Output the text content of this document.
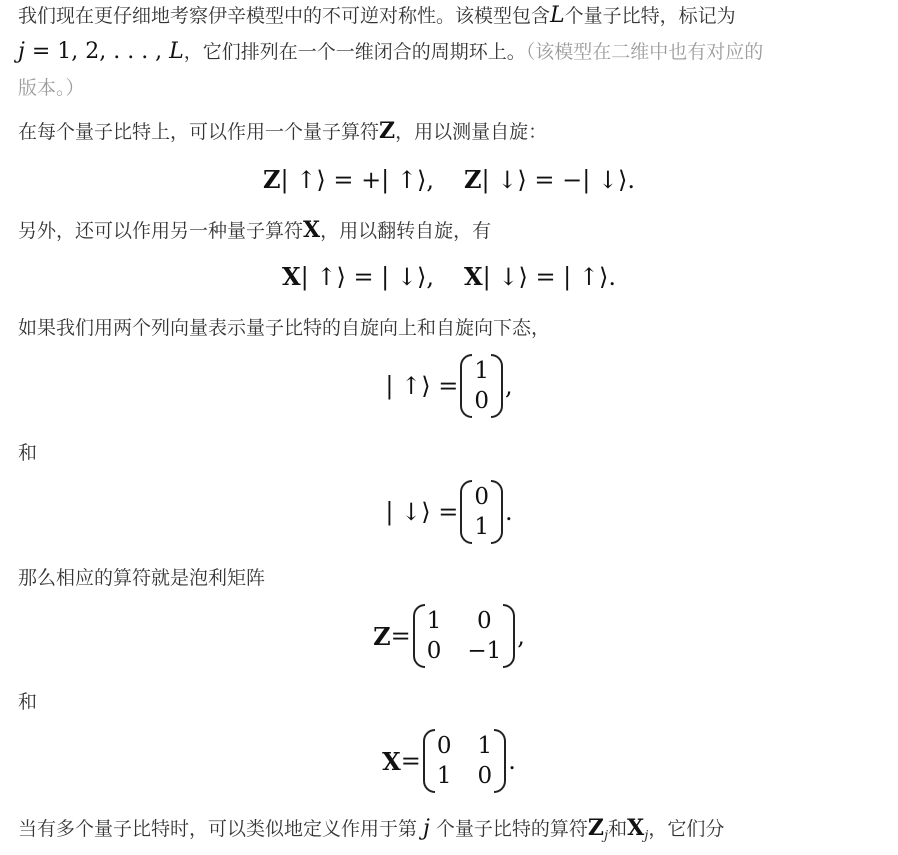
我们现在更仔细地考察伊辛模型中的不可逆对称性。该模型包含L个量子比特，标记为
j = 1, 2, . . . , L，它们排列在一个一维闭合的周期环上。（该模型在二维中也有对应的
版本。）
在每个量子比特上，可以作用一个量子算符Z，用以测量自旋：
Z| ↑⟩ = +| ↑⟩, Z| ↓⟩ = −| ↓⟩.
另外，还可以作用另一种量子算符X，用以翻转自旋，有
X| ↑⟩ = | ↓⟩, X| ↓⟩ = | ↑⟩.
如果我们用两个列向量表示量子比特的自旋向上和自旋向下态，
| ↑⟩ =
1
0
,
和
| ↓⟩ =
0
1
.
那么相应的算符就是泡利矩阵
Z =
1	0
0 −1
,
和
X =
0 1
1 0
.
当有多个量子比特时，可以类似地定义作用于第 j 个量子比特的算符$Z_j$和$X_j$，它们分
